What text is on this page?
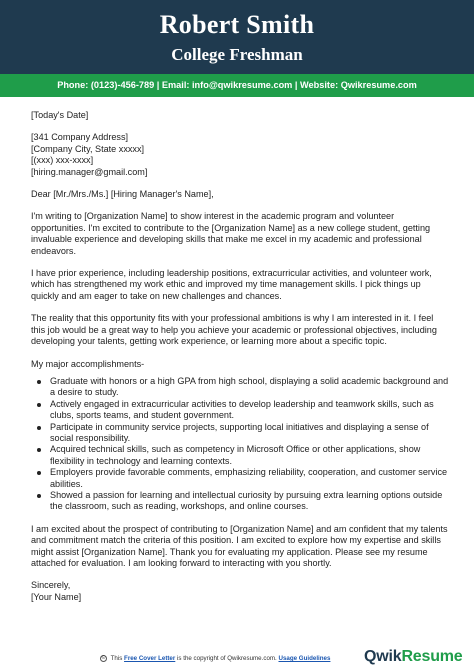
Robert Smith
College Freshman
Phone: (0123)-456-789 | Email: info@qwikresume.com | Website: Qwikresume.com
[Today's Date]
[341 Company Address]
[Company City, State xxxxx]
[(xxx) xxx-xxxx]
[hiring.manager@gmail.com]
Dear [Mr./Mrs./Ms.] [Hiring Manager's Name],

I'm writing to [Organization Name] to show interest in the academic program and volunteer opportunities. I'm excited to contribute to the [Organization Name] as a new college student, getting invaluable experience and developing skills that make me excel in my academic and professional endeavors.

I have prior experience, including leadership positions, extracurricular activities, and volunteer work, which has strengthened my work ethic and improved my time management skills. I pick things up quickly and am eager to take on new challenges and chances.

The reality that this opportunity fits with your professional ambitions is why I am interested in it. I feel this job would be a great way to help you achieve your academic or professional objectives, including developing your talents, getting work experience, or learning more about a specific topic.

My major accomplishments-
Graduate with honors or a high GPA from high school, displaying a solid academic background and a desire to study.
Actively engaged in extracurricular activities to develop leadership and teamwork skills, such as clubs, sports teams, and student government.
Participate in community service projects, supporting local initiatives and displaying a sense of social responsibility.
Acquired technical skills, such as competency in Microsoft Office or other applications, show flexibility in technology and learning contexts.
Employers provide favorable comments, emphasizing reliability, cooperation, and customer service abilities.
Showed a passion for learning and intellectual curiosity by pursuing extra learning options outside the classroom, such as reading, workshops, and online courses.

I am excited about the prospect of contributing to [Organization Name] and am confident that my talents and commitment match the criteria of this position. I am excited to explore how my expertise and skills might assist [Organization Name]. Thank you for evaluating my application. Please see my resume attached for evaluation. I am looking forward to interacting with you shortly.

Sincerely,
[Your Name]
© This Free Cover Letter is the copyright of Qwikresume.com. Usage Guidelines QwikResume
